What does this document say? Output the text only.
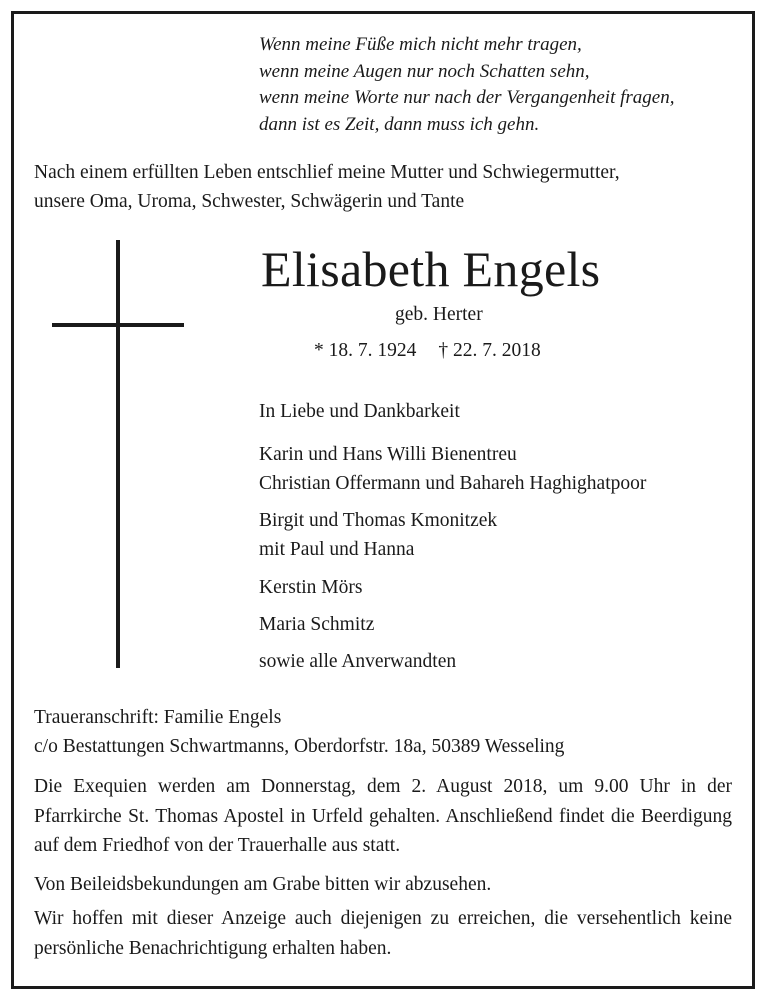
Wenn meine Füße mich nicht mehr tragen,
wenn meine Augen nur noch Schatten sehn,
wenn meine Worte nur nach der Vergangenheit fragen,
dann ist es Zeit, dann muss ich gehn.
Nach einem erfüllten Leben entschlief meine Mutter und Schwiegermutter,
unsere Oma, Uroma, Schwester, Schwägerin und Tante
Elisabeth Engels
geb. Herter
* 18. 7. 1924 † 22. 7. 2018
In Liebe und Dankbarkeit
Karin und Hans Willi Bienentreu
Christian Offermann und Bahareh Haghighatpoor
Birgit und Thomas Kmonitzek
mit Paul und Hanna
Kerstin Mörs
Maria Schmitz
sowie alle Anverwandten
Traueranschrift: Familie Engels
c/o Bestattungen Schwartmanns, Oberdorfstr. 18a, 50389 Wesseling

Die Exequien werden am Donnerstag, dem 2. August 2018, um 9.00 Uhr in der Pfarrkirche St. Thomas Apostel in Urfeld gehalten. Anschließend findet die Beerdigung auf dem Friedhof von der Trauerhalle aus statt.

Von Beileidsbekundungen am Grabe bitten wir abzusehen.

Wir hoffen mit dieser Anzeige auch diejenigen zu erreichen, die versehentlich keine persönliche Benachrichtigung erhalten haben.
